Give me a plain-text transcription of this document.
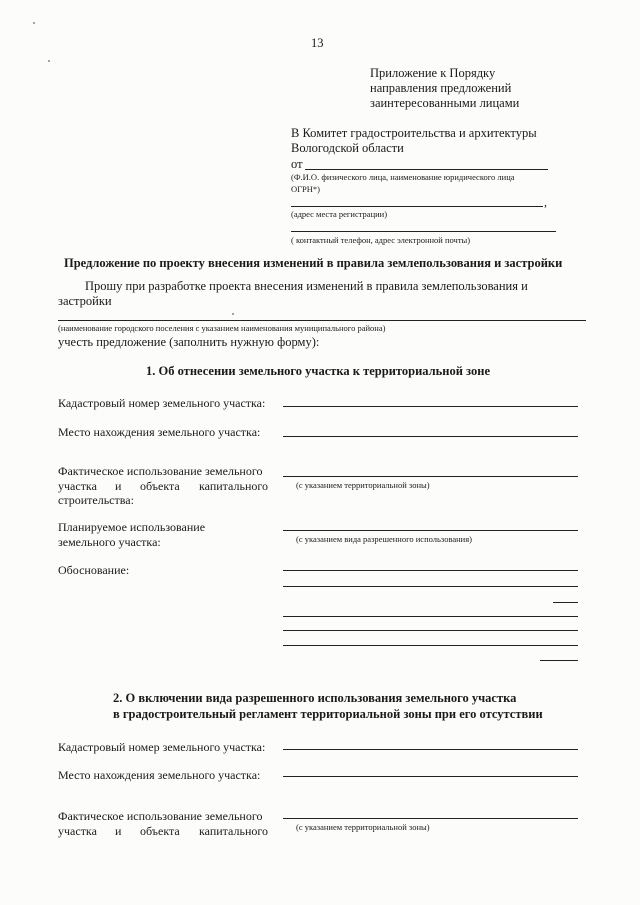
13
Приложение к Порядку
направления предложений
заинтересованными лицами
В Комитет градостроительства и архитектуры
Вологодской области
от
(Ф.И.О. физического лица, наименование юридического лица
ОГРН*)
,
(адрес места регистрации)
( контактный телефон, адрес электронной почты)
Предложение по проекту внесения изменений в правила землепользования и застройки
Прошу при разработке проекта внесения изменений в правила землепользования и
застройки
(наименование городского поселения с указанием наименования муниципального района)
учесть предложение (заполнить нужную форму):
1. Об отнесении земельного участка к территориальной зоне
Кадастровый номер земельного участка:
Место нахождения земельного участка:
Фактическое использование земельного
участка и объекта капитального
строительства:
(с указанием территориальной зоны)
Планируемое использование
земельного участка:	(с указанием вида разрешенного использования)
Обоснование:
2. О включении вида разрешенного использования земельного участка
в градостроительный регламент территориальной зоны при его отсутствии
Кадастровый номер земельного участка:
Место нахождения земельного участка:
Фактическое использование земельного
участка и объекта капитального	(с указанием территориальной зоны)
